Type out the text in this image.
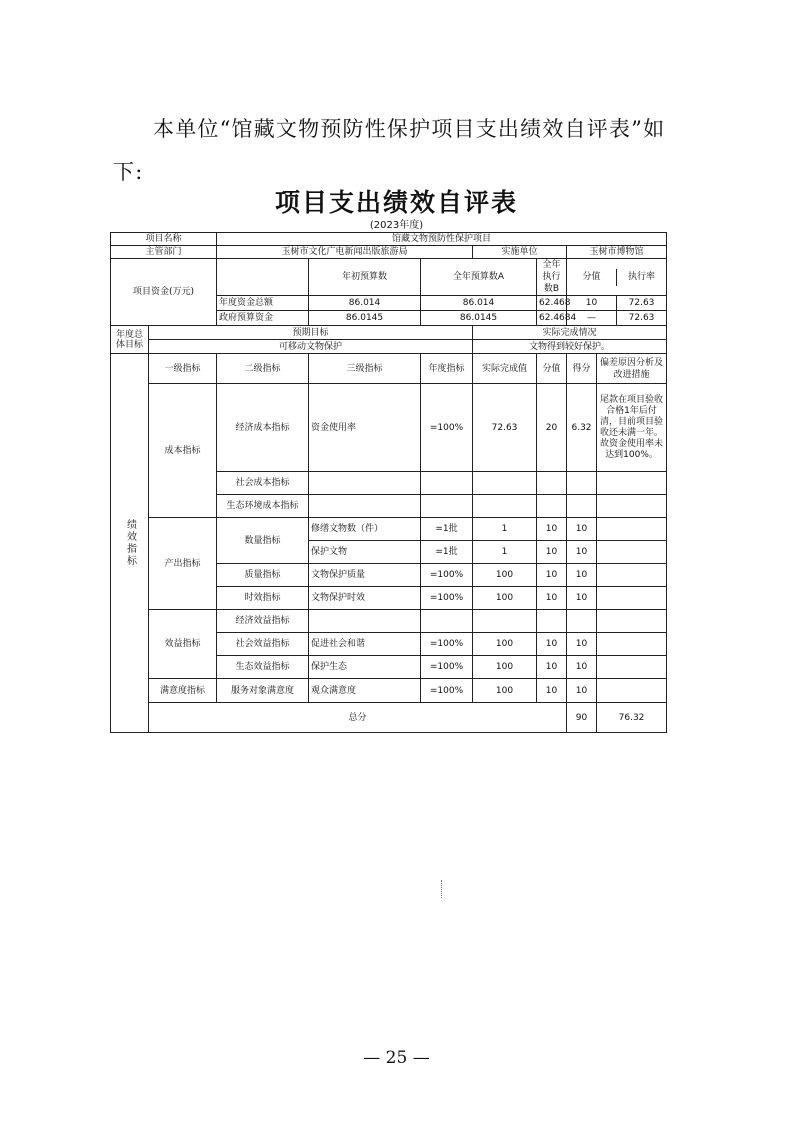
本单位“馆藏文物预防性保护项目支出绩效自评表”如下:

项目支出绩效自评表
(2023年度)
项目名称		馆藏文物预防性保护项目							
主管部门		玉树市文化广电新闻出版旅游局			实施单位		玉树市博物馆		
项目资金(万元)			年初预算数	全年预算数A		全年执行数B	分值 执行率

		年度资金总额	86.014	86.014		62.468	10 72.63

		政府预算资金	86.0145	86.0145		62.4684	— 72.63

年度总体目标	预期目标				实际完成情况				
	可移动文物保护				文物得到较好保护。				

绩效指标	一级指标	二级指标	三级指标	年度指标	实际完成值	分值	得分	偏差原因分析及改进措施	
	成本指标	经济成本指标	资金使用率	=100%	72.63	20	6.32	尾款在项目验收合格1年后付清，目前项目验收还未满一年。故资金使用率未达到100%。	
		社会成本指标							
		生态环境成本指标							
	产出指标	数量指标	修缮文物数（件）	=1批	1	10	10		
			保护文物	=1批	1	10	10		
		质量指标	文物保护质量	=100%	100	10	10		
		时效指标	文物保护时效	=100%	100	10	10		
	效益指标	经济效益指标							
		社会效益指标	促进社会和谐	=100%	100	10	10		
		生态效益指标	保护生态	=100%	100	10	10		
	满意度指标	服务对象满意度	观众满意度	=100%	100	10	10		
	总分						90	76.32	
— 25 —
